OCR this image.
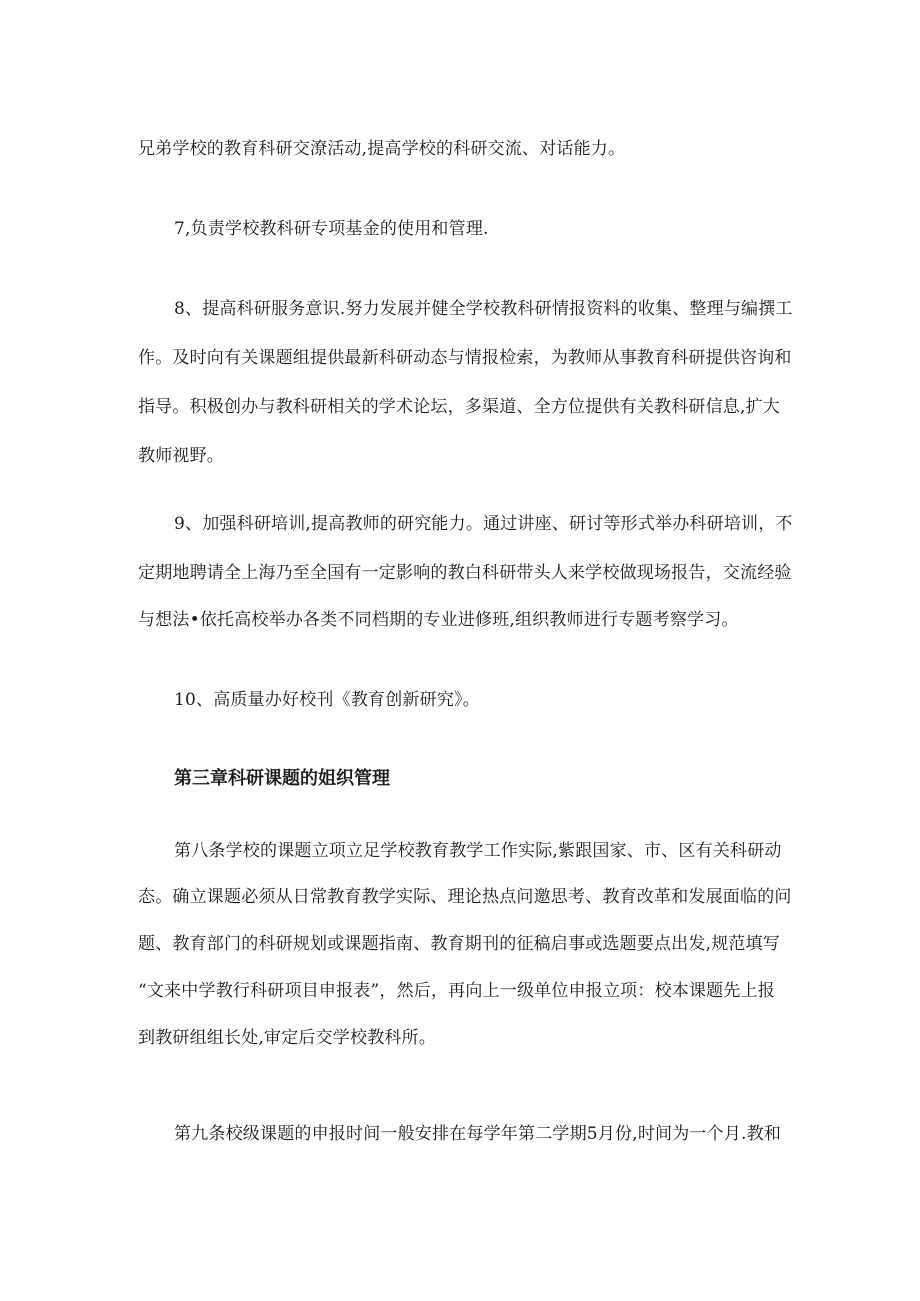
兄弟学校的教育科研交潦活动,提高学校的科研交流、对话能力。
7,负责学校教科研专项基金的使用和管理.
8、提高科研服务意识.努力发展并健全学校教科研情报资料的收集、整理与编撰工
作。及时向有关课题组提供最新科研动态与情报检索，为教师从事教育科研提供咨询和
指导。积极创办与教科研相关的学术论坛，多渠道、全方位提供有关教科研信息,扩大
教师视野。
9、加强科研培训,提高教师的研究能力。通过讲座、研讨等形式举办科研培训，不
定期地聘请全上海乃至全国有一定影响的教白科研带头人来学校做现场报告，交流经验
与想法•依托高校举办各类不同档期的专业进修班,组织教师进行专题考察学习。
10、高质量办好校刊《教育创新研究》。
第三章科研课题的姐织管理
第八条学校的课题立项立足学校教育教学工作实际,紫跟国家、市、区有关科研动
态。确立课题必须从日常教育教学实际、理论热点问邀思考、教育改革和发展面临的问
题、教育部门的科研规划或课题指南、教育期刊的征稿启事或选题要点出发,规范填写
“文来中学教行科研项目申报表”，然后，再向上一级单位申报立项：校本课题先上报
到教研组组长处,审定后交学校教科所。
第九条校级课题的申报时间一般安排在每学年第二学期5月份,时间为一个月.教和
